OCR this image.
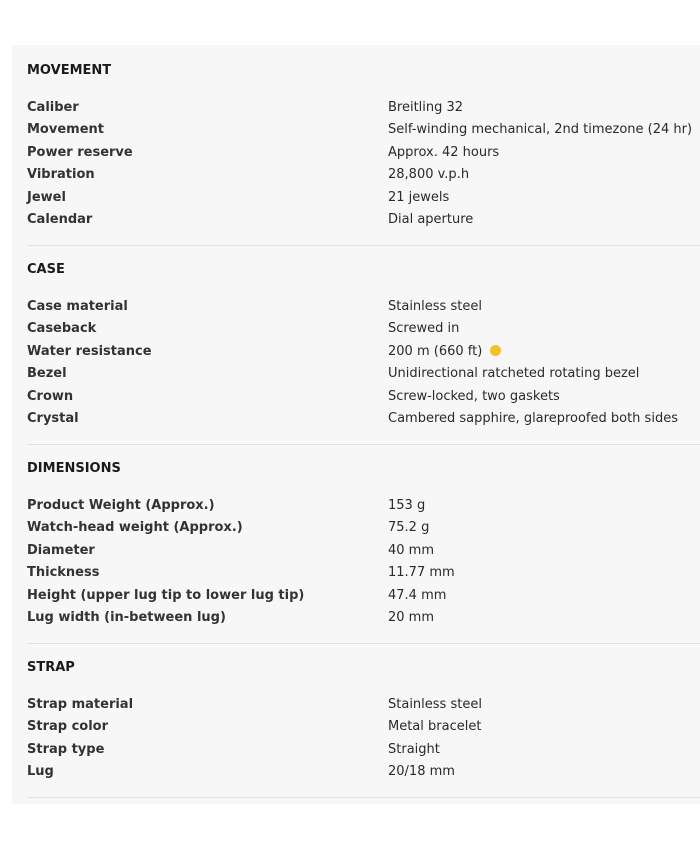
MOVEMENT
Caliber	Breitling 32
Movement	Self-winding mechanical, 2nd timezone (24 hr)
Power reserve	Approx. 42 hours
Vibration	28,800 v.p.h
Jewel	21 jewels
Calendar	Dial aperture
CASE
Case material	Stainless steel
Caseback	Screwed in
Water resistance	200 m (660 ft)
Bezel	Unidirectional ratcheted rotating bezel
Crown	Screw-locked, two gaskets
Crystal	Cambered sapphire, glareproofed both sides
DIMENSIONS
Product Weight (Approx.)	153 g
Watch-head weight (Approx.)	75.2 g
Diameter	40 mm
Thickness	11.77 mm
Height (upper lug tip to lower lug tip)	47.4 mm
Lug width (in-between lug)	20 mm
STRAP
Strap material	Stainless steel
Strap color	Metal bracelet
Strap type	Straight
Lug	20/18 mm
